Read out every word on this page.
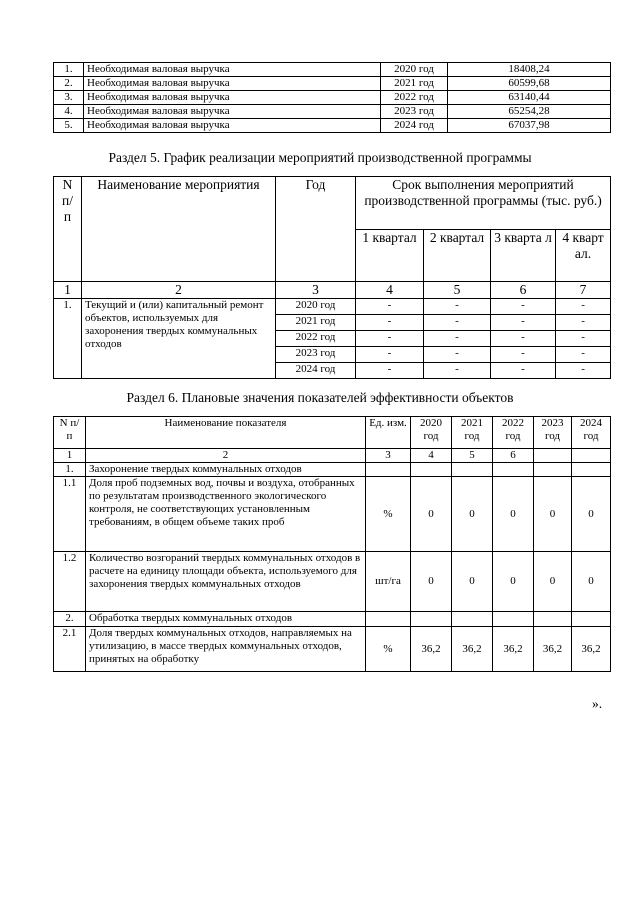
1.	Необходимая валовая выручка	2020 год	18408,24
2.	Необходимая валовая выручка	2021 год	60599,68
3.	Необходимая валовая выручка	2022 год	63140,44
4.	Необходимая валовая выручка	2023 год	65254,28
5.	Необходимая валовая выручка	2024 год	67037,98
Раздел 5. График реализации мероприятий производственной программы
N п/ п	Наименование мероприятия	Год	Срок выполнения мероприятий производственной программы (тыс. руб.)			
			1 квартал	2 квартал	3 кварта л	4 кварт ал.
1	2	3	4	5	6	7
1.	Текущий и (или) капитальный ремонт объектов, используемых для захоронения твердых коммунальных отходов	2020 год	-	-	-	-
		2021 год	-	-	-	-
		2022 год	-	-	-	-
		2023 год	-	-	-	-
		2024 год	-	-	-	-
Раздел 6. Плановые значения показателей эффективности объектов
N п/п	Наименование показателя	Ед. изм.	2020 год	2021 год	2022 год	2023 год	2024 год
1	2	3	4	5	6		
1.	Захоронение твердых коммунальных отходов						
1.1	Доля проб подземных вод, почвы и воздуха, отобранных по результатам производственного экологического контроля, не соответствующих установленным требованиям, в общем объеме таких проб	%	0	0	0	0	0
1.2	Количество возгораний твердых коммунальных отходов в расчете на единицу площади объекта, используемого для захоронения твердых коммунальных отходов	шт/га	0	0	0	0	0
2.	Обработка твердых коммунальных отходов						
2.1	Доля твердых коммунальных отходов, направляемых на утилизацию, в массе твердых коммунальных отходов, принятых на обработку	%	36,2	36,2	36,2	36,2	36,2
».
